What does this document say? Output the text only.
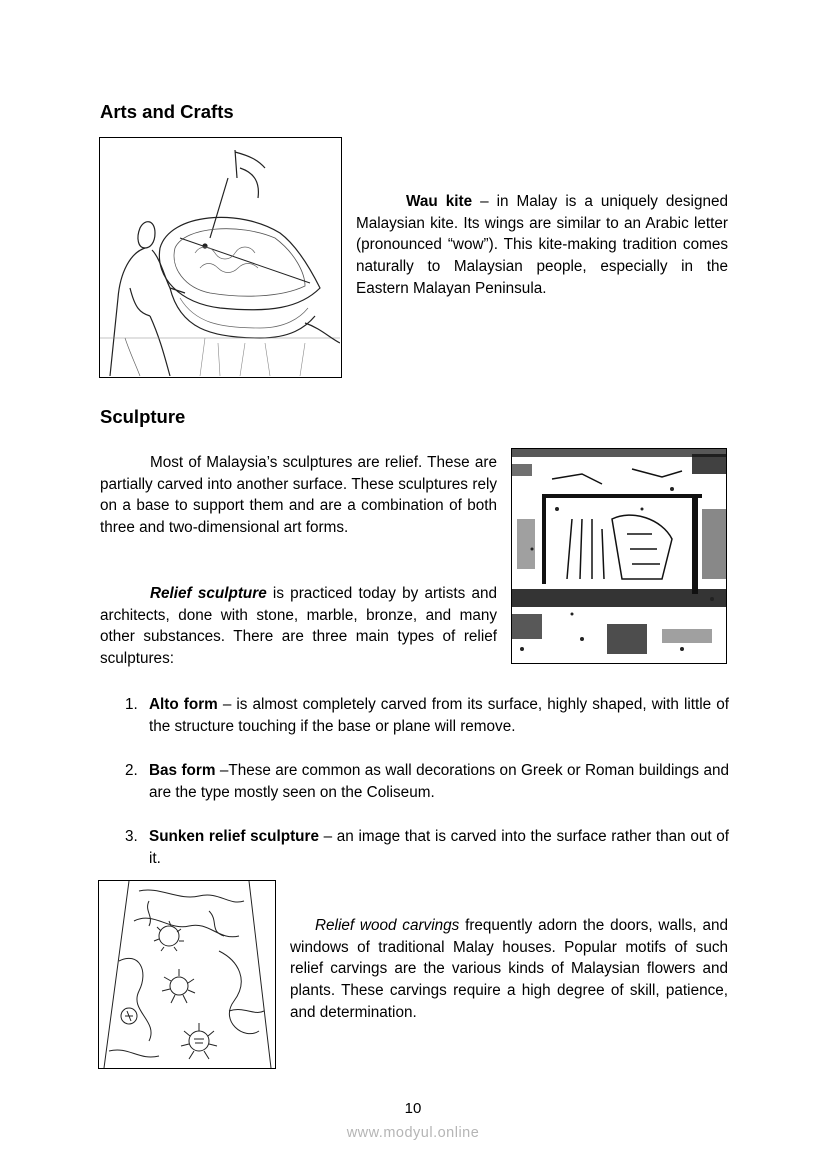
Arts and Crafts

Wau kite – in Malay is a uniquely designed Malaysian kite. Its wings are similar to an Arabic letter (pronounced “wow”). This kite-making tradition comes naturally to Malaysian people, especially in the Eastern Malayan Peninsula.

Sculpture

Most of Malaysia’s sculptures are relief. These are partially carved into another surface. These sculptures rely on a base to support them and are a combination of both three and two-dimensional art forms.

Relief sculpture is practiced today by artists and architects, done with stone, marble, bronze, and many other substances. There are three main types of relief sculptures:

1. Alto form – is almost completely carved from its surface, highly shaped, with little of the structure touching if the base or plane will remove.
2. Bas form –These are common as wall decorations on Greek or Roman buildings and are the type mostly seen on the Coliseum.
3. Sunken relief sculpture – an image that is carved into the surface rather than out of it.

Relief wood carvings frequently adorn the doors, walls, and windows of traditional Malay houses. Popular motifs of such relief carvings are the various kinds of Malaysian flowers and plants. These carvings require a high degree of skill, patience, and determination.

10
www.modyul.online
